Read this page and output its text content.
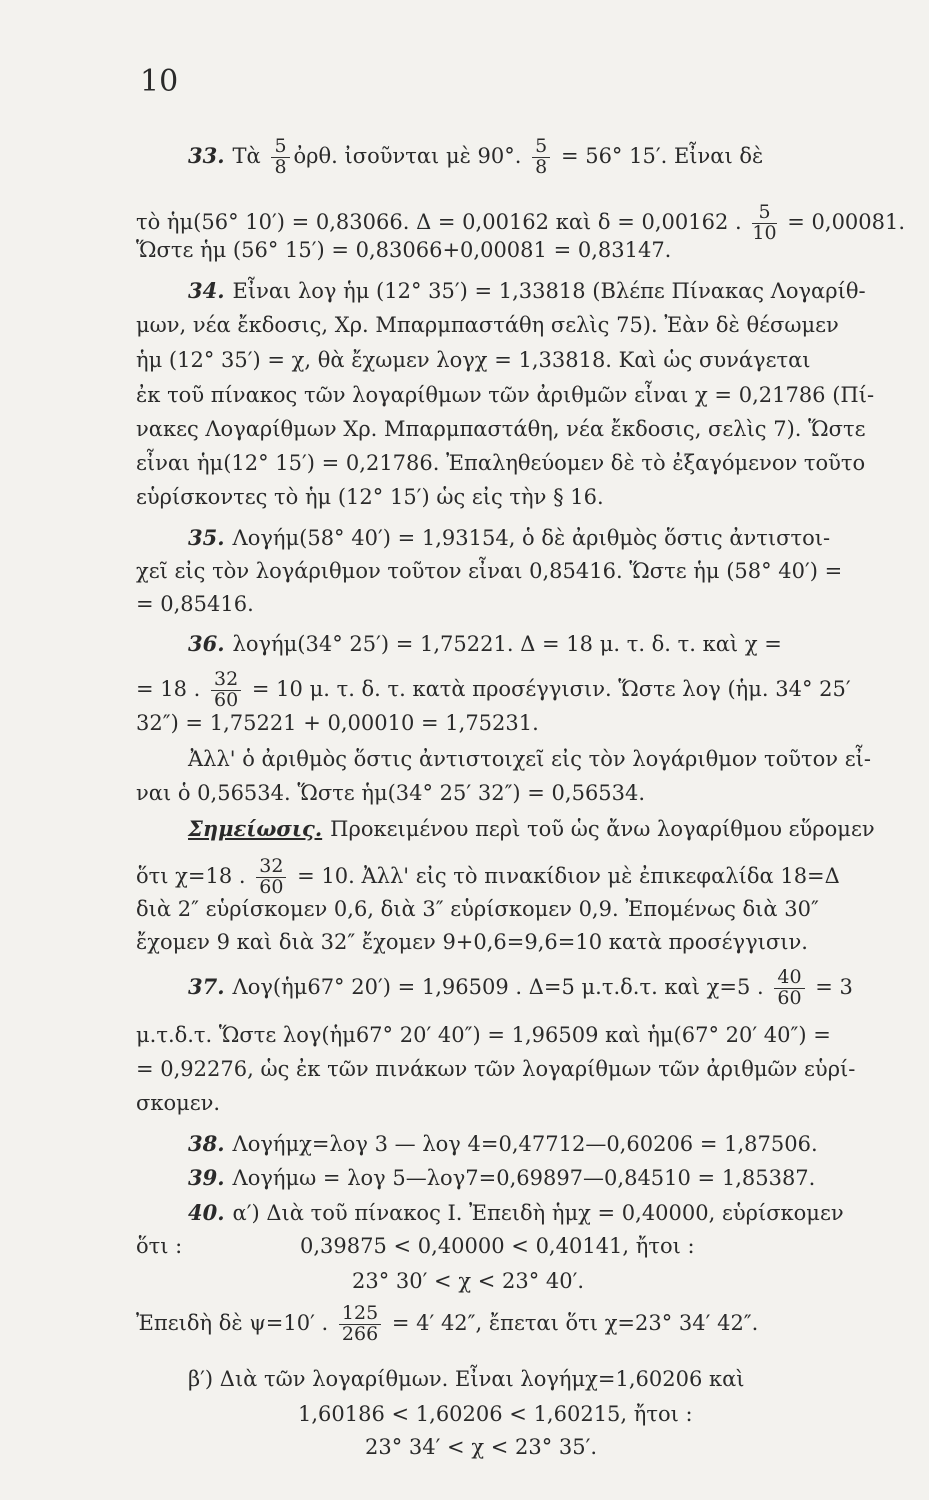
10
33. Τὰ $\frac{5}{8}$ ὀρθ. ἰσοῦνται μὲ 90°. $\frac{5}{8} = 56^\circ$ 15′. Εἶναι δὲ
τὸ ἡμ(56° 10′) = 0,83066. Δ = 0,00162 καὶ δ = 0,00162 . $\frac{5}{10} = 0,00081$.
Ὥστε ἡμ (56° 15′) = 0,83066+0,00081 = 0,83147.
34. Εἶναι λογ ἡμ (12° 35′) = 1,33818 (Βλέπε Πίνακας Λογαρίθ-
μων, νέα ἔκδοσις, Χρ. Μπαρμπαστάθη σελὶς 75). Ἐὰν δὲ θέσωμεν
ἡμ (12° 35′) = χ, θὰ ἔχωμεν λογχ = 1,33818. Καὶ ὡς συνάγεται
ἐκ τοῦ πίνακος τῶν λογαρίθμων τῶν ἀριθμῶν εἶναι χ = 0,21786 (Πί-
νακες Λογαρίθμων Χρ. Μπαρμπαστάθη, νέα ἔκδοσις, σελὶς 7). Ὥστε
εἶναι ἡμ(12° 15′) = 0,21786. Ἐπαληθεύομεν δὲ τὸ ἐξαγόμενον τοῦτο
εὑρίσκοντες τὸ ἡμ (12° 15′) ὡς εἰς τὴν § 16.
35. Λογήμ(58° 40′) = 1,93154, ὁ δὲ ἀριθμὸς ὅστις ἀντιστοι-
χεῖ εἰς τὸν λογάριθμον τοῦτον εἶναι 0,85416. Ὥστε ἡμ (58° 40′) =
= 0,85416.
36. λογήμ(34° 25′) = 1,75221. Δ = 18 μ. τ. δ. τ. καὶ χ =
= 18 . $\frac{32}{60} = 10$ μ. τ. δ. τ. κατὰ προσέγγισιν. Ὥστε λογ (ἡμ. 34° 25′
32″) = 1,75221 + 0,00010 = 1,75231.
Ἀλλ' ὁ ἀριθμὸς ὅστις ἀντιστοιχεῖ εἰς τὸν λογάριθμον τοῦτον εἶ-
ναι ὁ 0,56534. Ὥστε ἡμ(34° 25′ 32″) = 0,56534.
Σημείωσις. Προκειμένου περὶ τοῦ ὡς ἄνω λογαρίθμου εὕρομεν
ὅτι χ=18 . $\frac{32}{60} = 10$. Ἀλλ' εἰς τὸ πινακίδιον μὲ ἐπικεφαλίδα 18=Δ
διὰ 2″ εὑρίσκομεν 0,6, διὰ 3″ εὑρίσκομεν 0,9. Ἐπομένως διὰ 30″
ἔχομεν 9 καὶ διὰ 32″ ἔχομεν 9+0,6=9,6=10 κατὰ προσέγγισιν.
37. Λογ(ἡμ67° 20′) = 1,96509 . Δ=5 μ.τ.δ.τ. καὶ χ=5 . $\frac{40}{60} = 3$
μ.τ.δ.τ. Ὥστε λογ(ἡμ67° 20′ 40″) = 1,96509 καὶ ἡμ(67° 20′ 40″) =
= 0,92276, ὡς ἐκ τῶν πινάκων τῶν λογαρίθμων τῶν ἀριθμῶν εὑρί-
σκομεν.
38. Λογήμχ=λογ 3 — λογ 4=0,47712—0,60206 = 1,87506.
39. Λογήμω = λογ 5—λογ7=0,69897—0,84510 = 1,85387.
40. α′) Διὰ τοῦ πίνακος I. Ἐπειδὴ ἡμχ = 0,40000, εὑρίσκομεν
ὅτι :	0,39875 < 0,40000 < 0,40141, ἤτοι :
23° 30′ < χ < 23° 40′.
Ἐπειδὴ δὲ ψ=10′ . $\frac{125}{266} = 4'$ 42″, ἔπεται ὅτι χ=23° 34′ 42″.
β′) Διὰ τῶν λογαρίθμων. Εἶναι λογήμχ=1,60206 καὶ
1,60186 < 1,60206 < 1,60215, ἤτοι :
23° 34′ < χ < 23° 35′.
